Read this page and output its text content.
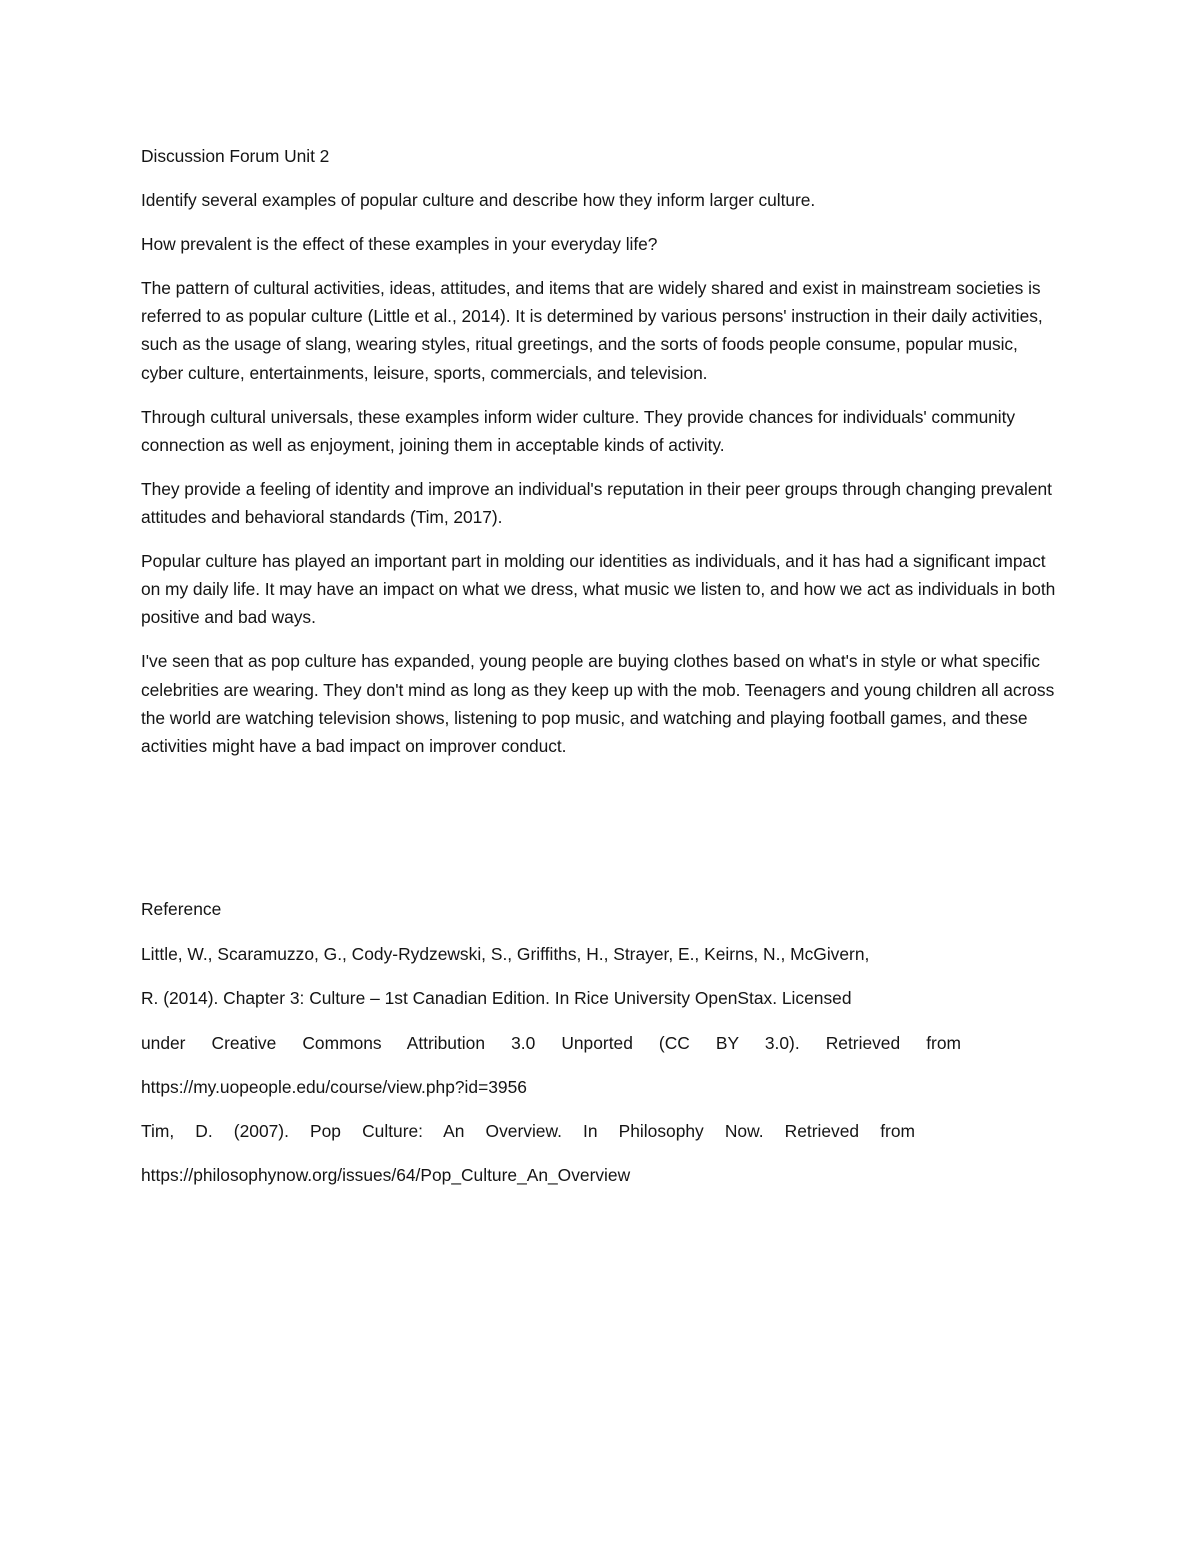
Discussion Forum Unit 2

Identify several examples of popular culture and describe how they inform larger culture.

How prevalent is the effect of these examples in your everyday life?

The pattern of cultural activities, ideas, attitudes, and items that are widely shared and exist in mainstream societies is referred to as popular culture (Little et al., 2014). It is determined by various persons' instruction in their daily activities, such as the usage of slang, wearing styles, ritual greetings, and the sorts of foods people consume, popular music, cyber culture, entertainments, leisure, sports, commercials, and television.

Through cultural universals, these examples inform wider culture. They provide chances for individuals' community connection as well as enjoyment, joining them in acceptable kinds of activity.

They provide a feeling of identity and improve an individual's reputation in their peer groups through changing prevalent attitudes and behavioral standards (Tim, 2017).

Popular culture has played an important part in molding our identities as individuals, and it has had a significant impact on my daily life. It may have an impact on what we dress, what music we listen to, and how we act as individuals in both positive and bad ways.

I've seen that as pop culture has expanded, young people are buying clothes based on what's in style or what specific celebrities are wearing. They don't mind as long as they keep up with the mob. Teenagers and young children all across the world are watching television shows, listening to pop music, and watching and playing football games, and these activities might have a bad impact on improver conduct.

Reference

Little, W., Scaramuzzo, G., Cody-Rydzewski, S., Griffiths, H., Strayer, E., Keirns, N., McGivern,

R. (2014). Chapter 3: Culture – 1st Canadian Edition. In Rice University OpenStax. Licensed

under Creative Commons Attribution 3.0 Unported (CC BY 3.0). Retrieved from

https://my.uopeople.edu/course/view.php?id=3956

Tim, D. (2007). Pop Culture: An Overview. In Philosophy Now. Retrieved from

https://philosophynow.org/issues/64/Pop_Culture_An_Overview
